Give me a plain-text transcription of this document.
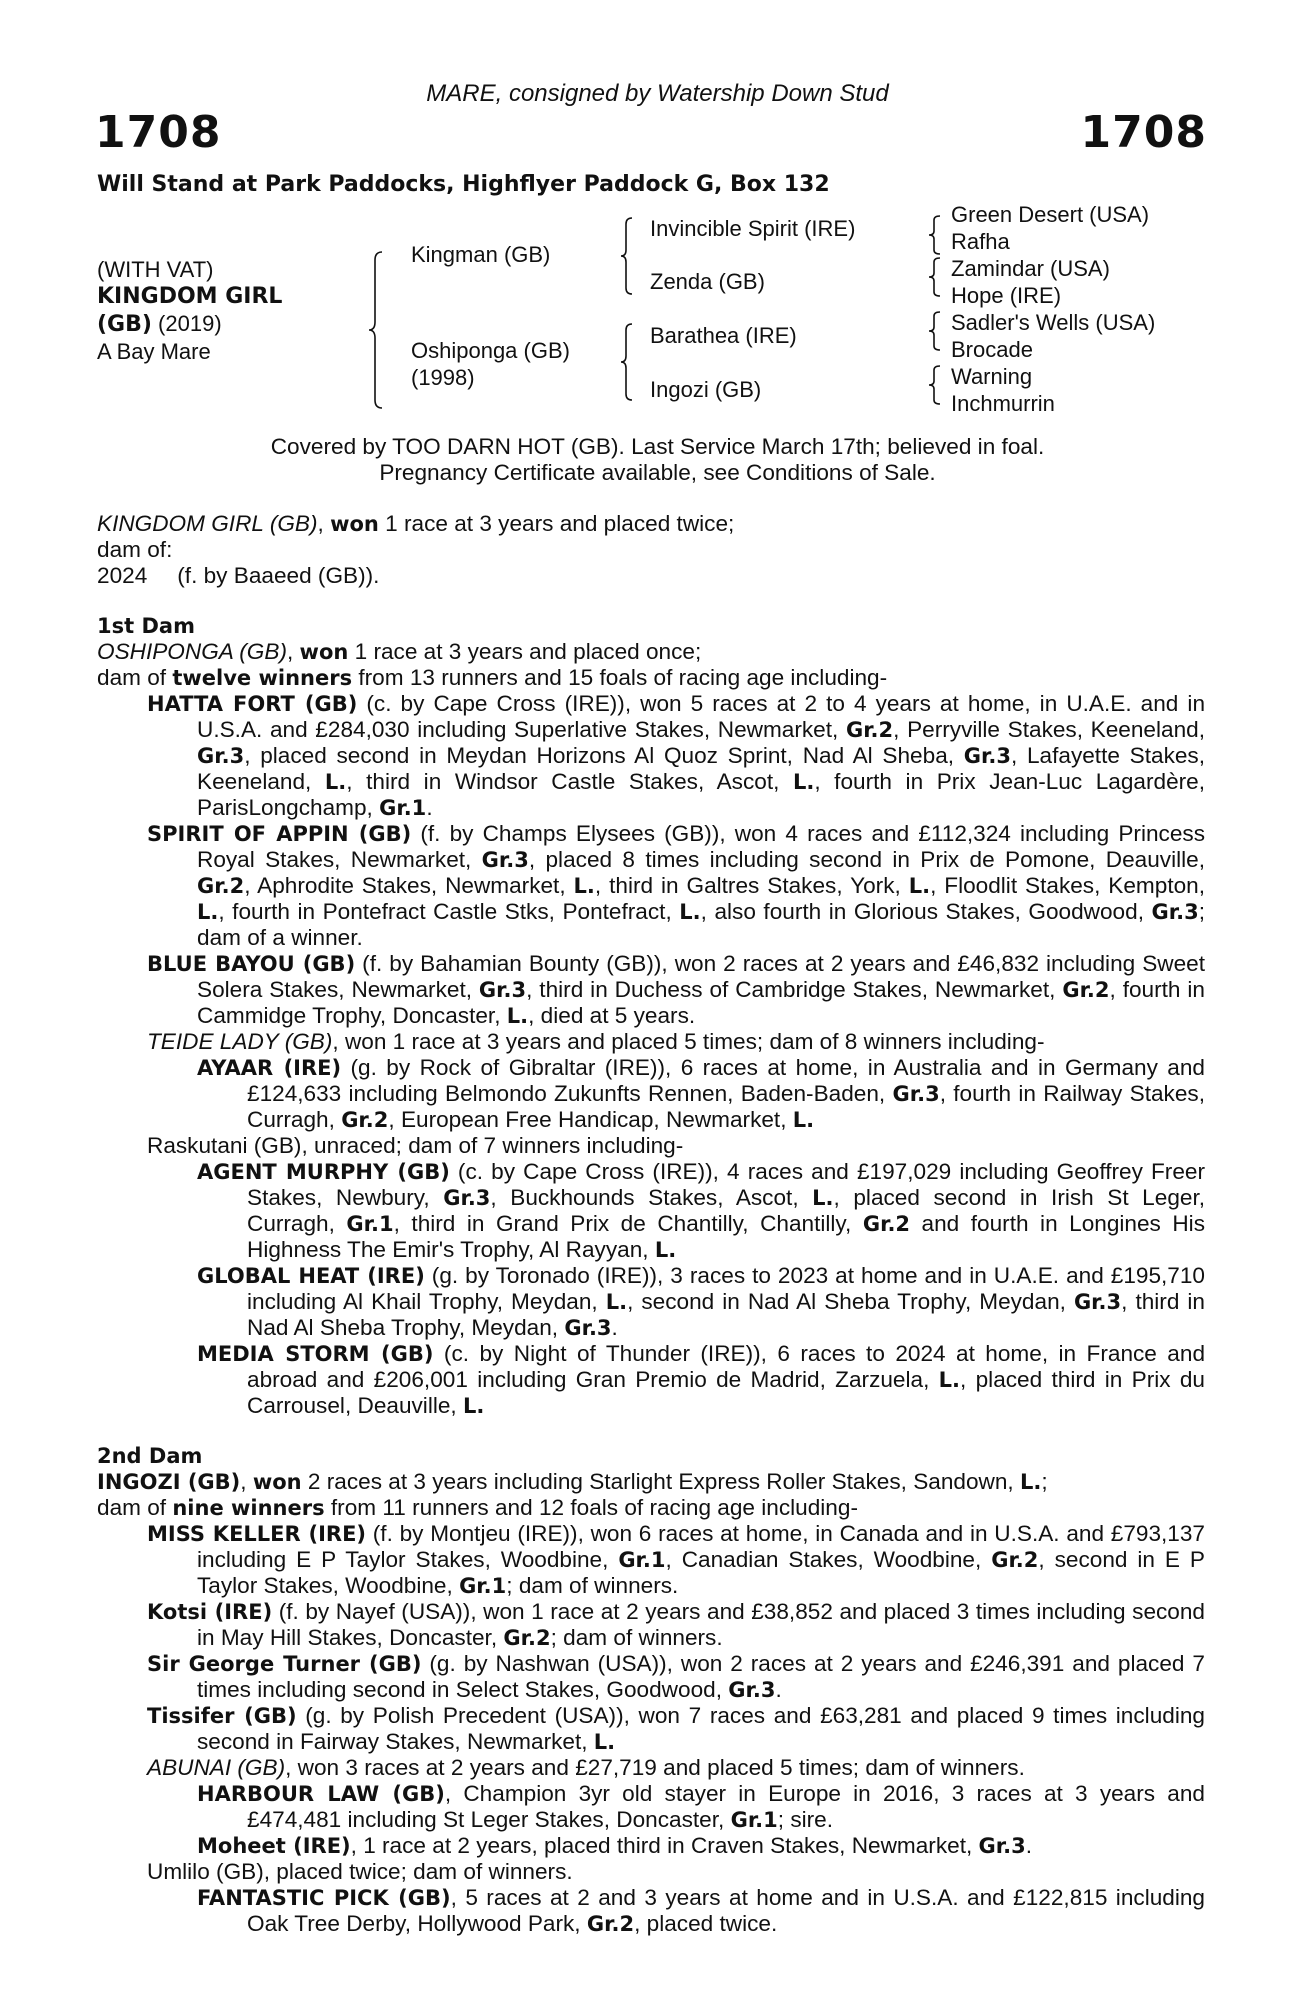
MARE, consigned by Watership Down Stud
1708	1708
Will Stand at Park Paddocks, Highflyer Paddock G, Box 132
(WITH VAT)
KINGDOM GIRL
(GB) (2019)
A Bay Mare
Kingman (GB)
Oshiponga (GB)
(1998)
Invincible Spirit (IRE)
Zenda (GB)
Barathea (IRE)
Ingozi (GB)
Green Desert (USA)
Rafha
Zamindar (USA)
Hope (IRE)
Sadler's Wells (USA)
Brocade
Warning
Inchmurrin
Covered by TOO DARN HOT (GB). Last Service March 17th; believed in foal.
Pregnancy Certificate available, see Conditions of Sale.

KINGDOM GIRL (GB), won 1 race at 3 years and placed twice;

dam of:

2024 (f. by Baaeed (GB)).

1st Dam

OSHIPONGA (GB), won 1 race at 3 years and placed once;

dam of twelve winners from 13 runners and 15 foals of racing age including-

HATTA FORT (GB) (c. by Cape Cross (IRE)), won 5 races at 2 to 4 years at home, in U.A.E. and in U.S.A. and £284,030 including Superlative Stakes, Newmarket, Gr.2, Perryville Stakes, Keeneland, Gr.3, placed second in Meydan Horizons Al Quoz Sprint, Nad Al Sheba, Gr.3, Lafayette Stakes, Keeneland, L., third in Windsor Castle Stakes, Ascot, L., fourth in Prix Jean-Luc Lagardère, ParisLongchamp, Gr.1.

SPIRIT OF APPIN (GB) (f. by Champs Elysees (GB)), won 4 races and £112,324 including Princess Royal Stakes, Newmarket, Gr.3, placed 8 times including second in Prix de Pomone, Deauville, Gr.2, Aphrodite Stakes, Newmarket, L., third in Galtres Stakes, York, L., Floodlit Stakes, Kempton, L., fourth in Pontefract Castle Stks, Pontefract, L., also fourth in Glorious Stakes, Goodwood, Gr.3; dam of a winner.

BLUE BAYOU (GB) (f. by Bahamian Bounty (GB)), won 2 races at 2 years and £46,832 including Sweet Solera Stakes, Newmarket, Gr.3, third in Duchess of Cambridge Stakes, Newmarket, Gr.2, fourth in Cammidge Trophy, Doncaster, L., died at 5 years.

TEIDE LADY (GB), won 1 race at 3 years and placed 5 times; dam of 8 winners including-

AYAAR (IRE) (g. by Rock of Gibraltar (IRE)), 6 races at home, in Australia and in Germany and £124,633 including Belmondo Zukunfts Rennen, Baden-Baden, Gr.3, fourth in Railway Stakes, Curragh, Gr.2, European Free Handicap, Newmarket, L.

Raskutani (GB), unraced; dam of 7 winners including-

AGENT MURPHY (GB) (c. by Cape Cross (IRE)), 4 races and £197,029 including Geoffrey Freer Stakes, Newbury, Gr.3, Buckhounds Stakes, Ascot, L., placed second in Irish St Leger, Curragh, Gr.1, third in Grand Prix de Chantilly, Chantilly, Gr.2 and fourth in Longines His Highness The Emir's Trophy, Al Rayyan, L.

GLOBAL HEAT (IRE) (g. by Toronado (IRE)), 3 races to 2023 at home and in U.A.E. and £195,710 including Al Khail Trophy, Meydan, L., second in Nad Al Sheba Trophy, Meydan, Gr.3, third in Nad Al Sheba Trophy, Meydan, Gr.3.

MEDIA STORM (GB) (c. by Night of Thunder (IRE)), 6 races to 2024 at home, in France and abroad and £206,001 including Gran Premio de Madrid, Zarzuela, L., placed third in Prix du Carrousel, Deauville, L.

2nd Dam

INGOZI (GB), won 2 races at 3 years including Starlight Express Roller Stakes, Sandown, L.;

dam of nine winners from 11 runners and 12 foals of racing age including-

MISS KELLER (IRE) (f. by Montjeu (IRE)), won 6 races at home, in Canada and in U.S.A. and £793,137 including E P Taylor Stakes, Woodbine, Gr.1, Canadian Stakes, Woodbine, Gr.2, second in E P Taylor Stakes, Woodbine, Gr.1; dam of winners.

Kotsi (IRE) (f. by Nayef (USA)), won 1 race at 2 years and £38,852 and placed 3 times including second in May Hill Stakes, Doncaster, Gr.2; dam of winners.

Sir George Turner (GB) (g. by Nashwan (USA)), won 2 races at 2 years and £246,391 and placed 7 times including second in Select Stakes, Goodwood, Gr.3.

Tissifer (GB) (g. by Polish Precedent (USA)), won 7 races and £63,281 and placed 9 times including second in Fairway Stakes, Newmarket, L.

ABUNAI (GB), won 3 races at 2 years and £27,719 and placed 5 times; dam of winners.

HARBOUR LAW (GB), Champion 3yr old stayer in Europe in 2016, 3 races at 3 years and £474,481 including St Leger Stakes, Doncaster, Gr.1; sire.

Moheet (IRE), 1 race at 2 years, placed third in Craven Stakes, Newmarket, Gr.3.

Umlilo (GB), placed twice; dam of winners.

FANTASTIC PICK (GB), 5 races at 2 and 3 years at home and in U.S.A. and £122,815 including Oak Tree Derby, Hollywood Park, Gr.2, placed twice.
